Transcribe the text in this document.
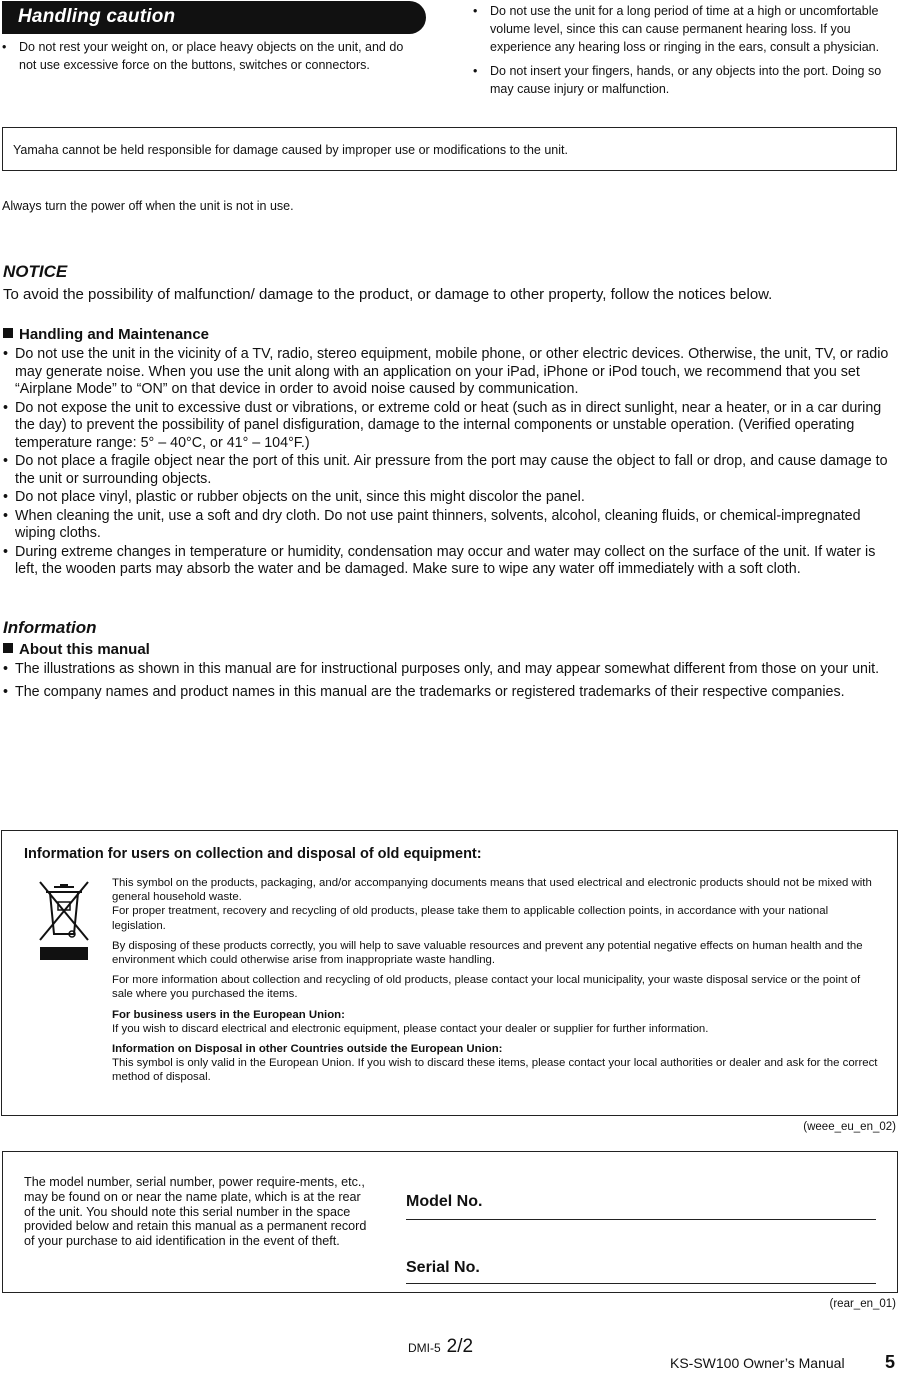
Handling caution
• Do not rest your weight on, or place heavy objects on the unit, and do not use excessive force on the buttons, switches or connectors.
• Do not use the unit for a long period of time at a high or uncomfortable volume level, since this can cause permanent hearing loss. If you experience any hearing loss or ringing in the ears, consult a physician.
• Do not insert your fingers, hands, or any objects into the port. Doing so may cause injury or malfunction.
Yamaha cannot be held responsible for damage caused by improper use or modifications to the unit.
Always turn the power off when the unit is not in use.
NOTICE
To avoid the possibility of malfunction/ damage to the product, or damage to other property, follow the notices below.
Handling and Maintenance
• Do not use the unit in the vicinity of a TV, radio, stereo equipment, mobile phone, or other electric devices. Otherwise, the unit, TV, or radio may generate noise. When you use the unit along with an application on your iPad, iPhone or iPod touch, we recommend that you set “Airplane Mode” to “ON” on that device in order to avoid noise caused by communication.
• Do not expose the unit to excessive dust or vibrations, or extreme cold or heat (such as in direct sunlight, near a heater, or in a car during the day) to prevent the possibility of panel disfiguration, damage to the internal components or unstable operation. (Verified operating temperature range: 5° – 40°C, or 41° – 104°F.)
• Do not place a fragile object near the port of this unit. Air pressure from the port may cause the object to fall or drop, and cause damage to the unit or surrounding objects.
• Do not place vinyl, plastic or rubber objects on the unit, since this might discolor the panel.
• When cleaning the unit, use a soft and dry cloth. Do not use paint thinners, solvents, alcohol, cleaning fluids, or chemical-impregnated wiping cloths.
• During extreme changes in temperature or humidity, condensation may occur and water may collect on the surface of the unit. If water is left, the wooden parts may absorb the water and be damaged. Make sure to wipe any water off immediately with a soft cloth.
Information
About this manual
• The illustrations as shown in this manual are for instructional purposes only, and may appear somewhat different from those on your unit.
• The company names and product names in this manual are the trademarks or registered trademarks of their respective companies.
Information for users on collection and disposal of old equipment:

This symbol on the products, packaging, and/or accompanying documents means that used electrical and electronic products should not be mixed with general household waste.
For proper treatment, recovery and recycling of old products, please take them to applicable collection points, in accordance with your national legislation.

By disposing of these products correctly, you will help to save valuable resources and prevent any potential negative effects on human health and the environment which could otherwise arise from inappropriate waste handling.

For more information about collection and recycling of old products, please contact your local municipality, your waste disposal service or the point of sale where you purchased the items.

For business users in the European Union:
If you wish to discard electrical and electronic equipment, please contact your dealer or supplier for further information.

Information on Disposal in other Countries outside the European Union:
This symbol is only valid in the European Union. If you wish to discard these items, please contact your local authorities or dealer and ask for the correct method of disposal.

(weee_eu_en_02)
The model number, serial number, power require-ments, etc., may be found on or near the name plate, which is at the rear of the unit. You should note this serial number in the space provided below and retain this manual as a permanent record of your purchase to aid identification in the event of theft.
Model No.
Serial No.
(rear_en_01)
DMI-5 2/2
KS-SW100 Owner’s Manual 5
